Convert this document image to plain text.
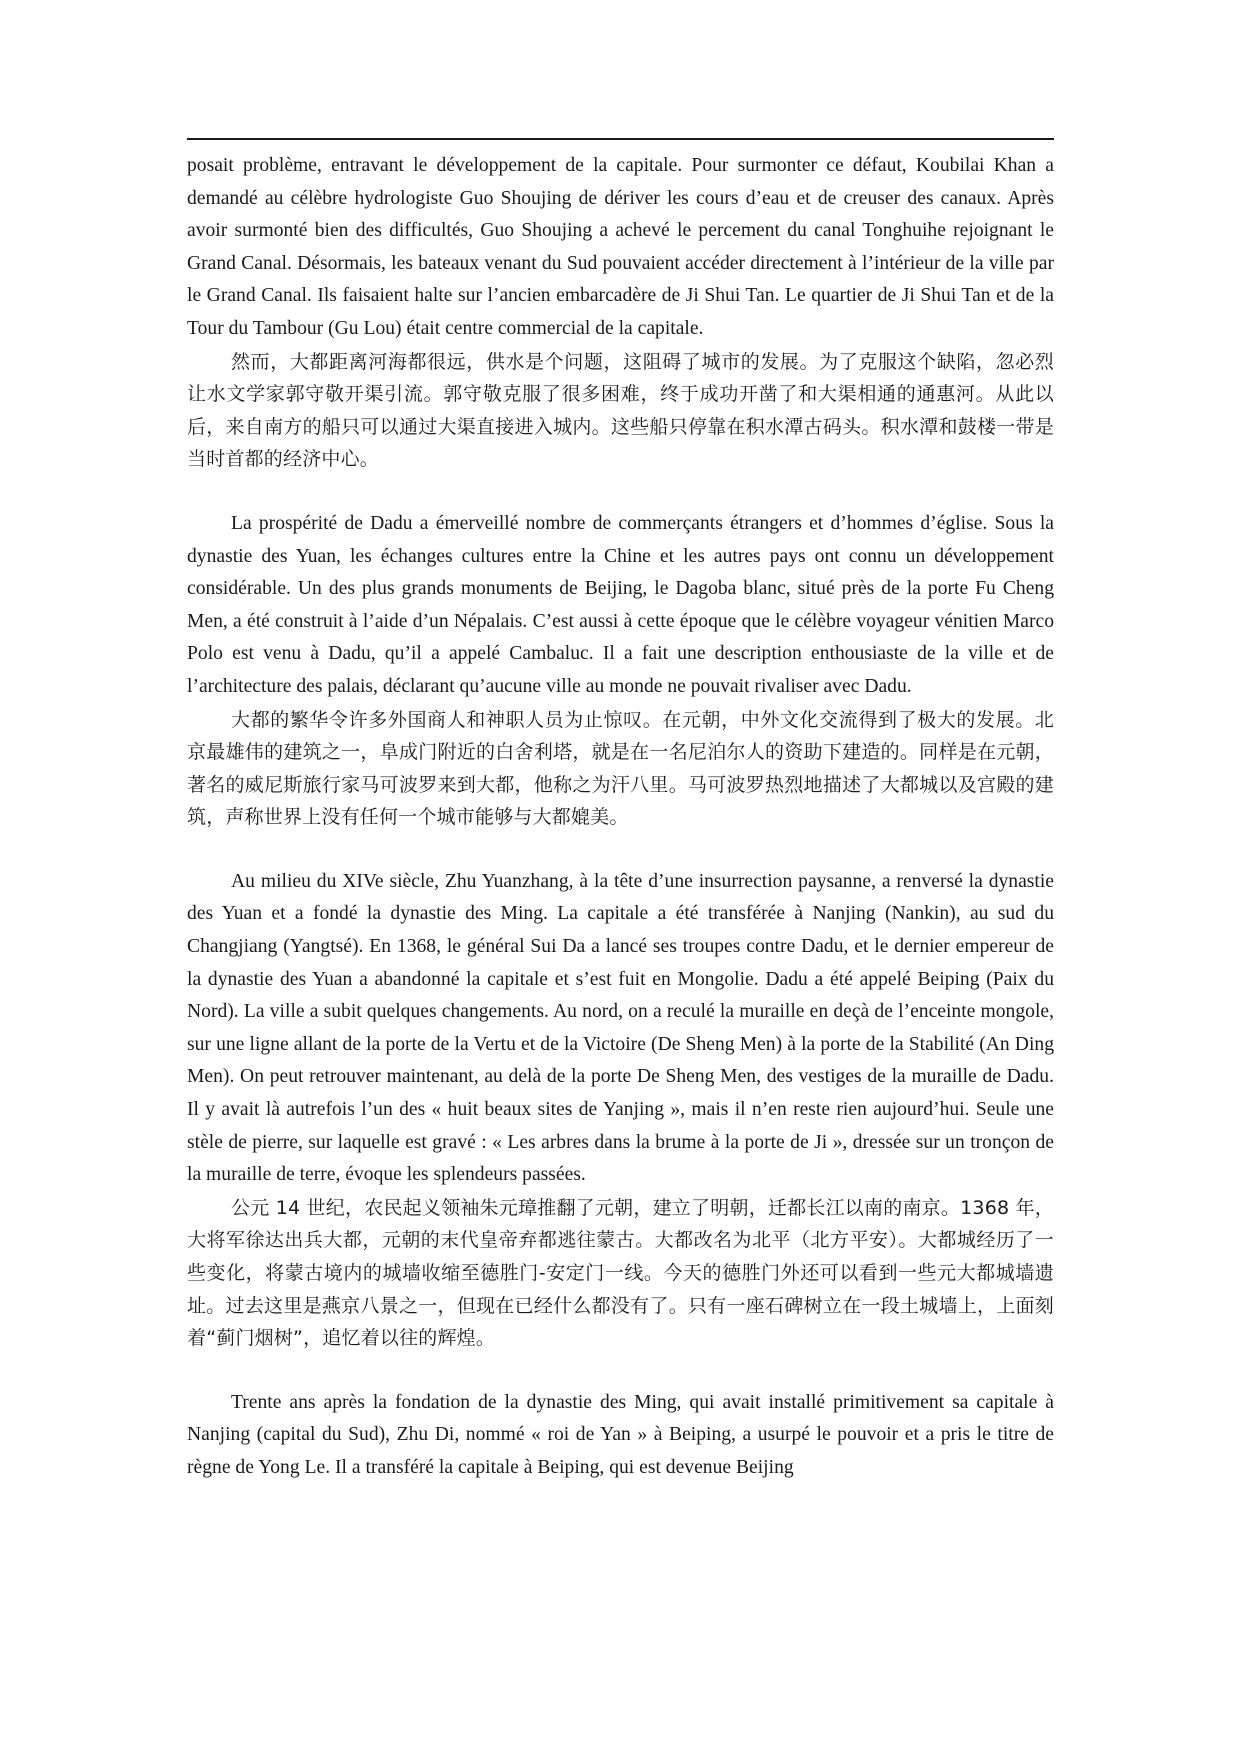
posait problème, entravant le développement de la capitale. Pour surmonter ce défaut, Koubilai Khan a demandé au célèbre hydrologiste Guo Shoujing de dériver les cours d’eau et de creuser des canaux. Après avoir surmonté bien des difficultés, Guo Shoujing a achevé le percement du canal Tonghuihe rejoignant le Grand Canal. Désormais, les bateaux venant du Sud pouvaient accéder directement à l’intérieur de la ville par le Grand Canal. Ils faisaient halte sur l’ancien embarcadère de Ji Shui Tan. Le quartier de Ji Shui Tan et de la Tour du Tambour (Gu Lou) était centre commercial de la capitale.

然而，大都距离河海都很远，供水是个问题，这阻碍了城市的发展。为了克服这个缺陷，忽必烈让水文学家郭守敬开渠引流。郭守敬克服了很多困难，终于成功开凿了和大渠相通的通惠河。从此以后，来自南方的船只可以通过大渠直接进入城内。这些船只停靠在积水潭古码头。积水潭和鼓楼一带是当时首都的经济中心。

La prospérité de Dadu a émerveillé nombre de commerçants étrangers et d’hommes d’église. Sous la dynastie des Yuan, les échanges cultures entre la Chine et les autres pays ont connu un développement considérable. Un des plus grands monuments de Beijing, le Dagoba blanc, situé près de la porte Fu Cheng Men, a été construit à l’aide d’un Népalais. C’est aussi à cette époque que le célèbre voyageur vénitien Marco Polo est venu à Dadu, qu’il a appelé Cambaluc. Il a fait une description enthousiaste de la ville et de l’architecture des palais, déclarant qu’aucune ville au monde ne pouvait rivaliser avec Dadu.

大都的繁华令许多外国商人和神职人员为止惊叹。在元朝，中外文化交流得到了极大的发展。北京最雄伟的建筑之一，阜成门附近的白舍利塔，就是在一名尼泊尔人的资助下建造的。同样是在元朝，著名的威尼斯旅行家马可波罗来到大都，他称之为汗八里。马可波罗热烈地描述了大都城以及宫殿的建筑，声称世界上没有任何一个城市能够与大都媲美。

Au milieu du XIVe siècle, Zhu Yuanzhang, à la tête d’une insurrection paysanne, a renversé la dynastie des Yuan et a fondé la dynastie des Ming. La capitale a été transférée à Nanjing (Nankin), au sud du Changjiang (Yangtsé). En 1368, le général Sui Da a lancé ses troupes contre Dadu, et le dernier empereur de la dynastie des Yuan a abandonné la capitale et s’est fuit en Mongolie. Dadu a été appelé Beiping (Paix du Nord). La ville a subit quelques changements. Au nord, on a reculé la muraille en deçà de l’enceinte mongole, sur une ligne allant de la porte de la Vertu et de la Victoire (De Sheng Men) à la porte de la Stabilité (An Ding Men). On peut retrouver maintenant, au delà de la porte De Sheng Men, des vestiges de la muraille de Dadu. Il y avait là autrefois l’un des « huit beaux sites de Yanjing », mais il n’en reste rien aujourd’hui. Seule une stèle de pierre, sur laquelle est gravé : « Les arbres dans la brume à la porte de Ji », dressée sur un tronçon de la muraille de terre, évoque les splendeurs passées.

公元 14 世纪，农民起义领袖朱元璋推翻了元朝，建立了明朝，迁都长江以南的南京。1368 年，大将军徐达出兵大都，元朝的末代皇帝弃都逃往蒙古。大都改名为北平（北方平安）。大都城经历了一些变化，将蒙古境内的城墙收缩至德胜门-安定门一线。今天的德胜门外还可以看到一些元大都城墙遗址。过去这里是燕京八景之一，但现在已经什么都没有了。只有一座石碑树立在一段土城墙上，上面刻着“蓟门烟树”，追忆着以往的辉煌。

Trente ans après la fondation de la dynastie des Ming, qui avait installé primitivement sa capitale à Nanjing (capital du Sud), Zhu Di, nommé « roi de Yan » à Beiping, a usurpé le pouvoir et a pris le titre de règne de Yong Le. Il a transféré la capitale à Beiping, qui est devenue Beijing
